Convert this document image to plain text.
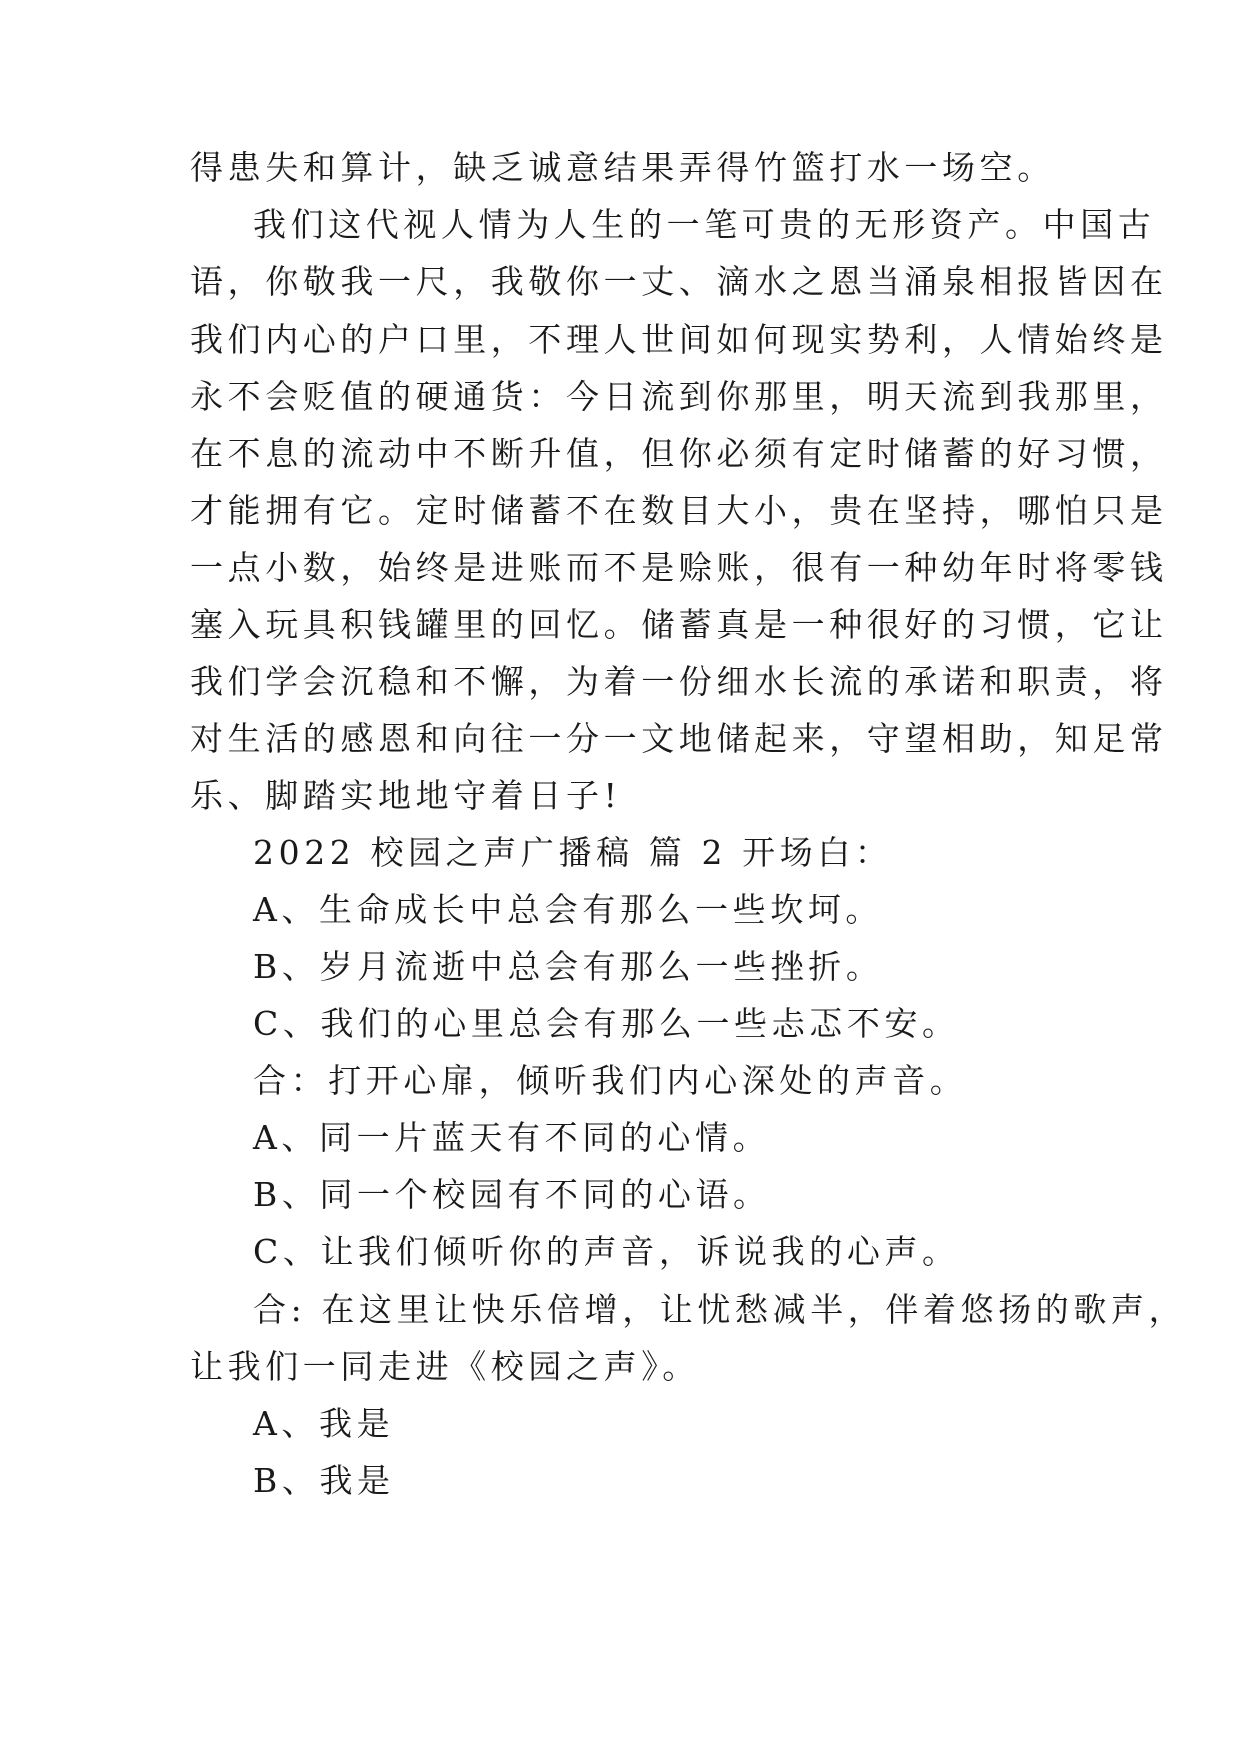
得患失和算计，缺乏诚意结果弄得竹篮打水一场空。
我们这代视人情为人生的一笔可贵的无形资产。中国古
语，你敬我一尺，我敬你一丈、滴水之恩当涌泉相报皆因在
我们内心的户口里，不理人世间如何现实势利，人情始终是
永不会贬值的硬通货：今日流到你那里，明天流到我那里，
在不息的流动中不断升值，但你必须有定时储蓄的好习惯，
才能拥有它。定时储蓄不在数目大小，贵在坚持，哪怕只是
一点小数，始终是进账而不是赊账，很有一种幼年时将零钱
塞入玩具积钱罐里的回忆。储蓄真是一种很好的习惯，它让
我们学会沉稳和不懈，为着一份细水长流的承诺和职责，将
对生活的感恩和向往一分一文地储起来，守望相助，知足常
乐、脚踏实地地守着日子!
2022 校园之声广播稿 篇 2 开场白：
A、生命成长中总会有那么一些坎坷。
B、岁月流逝中总会有那么一些挫折。
C、我们的心里总会有那么一些忐忑不安。
合：打开心扉，倾听我们内心深处的声音。
A、同一片蓝天有不同的心情。
B、同一个校园有不同的心语。
C、让我们倾听你的声音，诉说我的心声。
合: 在这里让快乐倍增，让忧愁减半，伴着悠扬的歌声，
让我们一同走进《校园之声》。
A、我是
B、我是
